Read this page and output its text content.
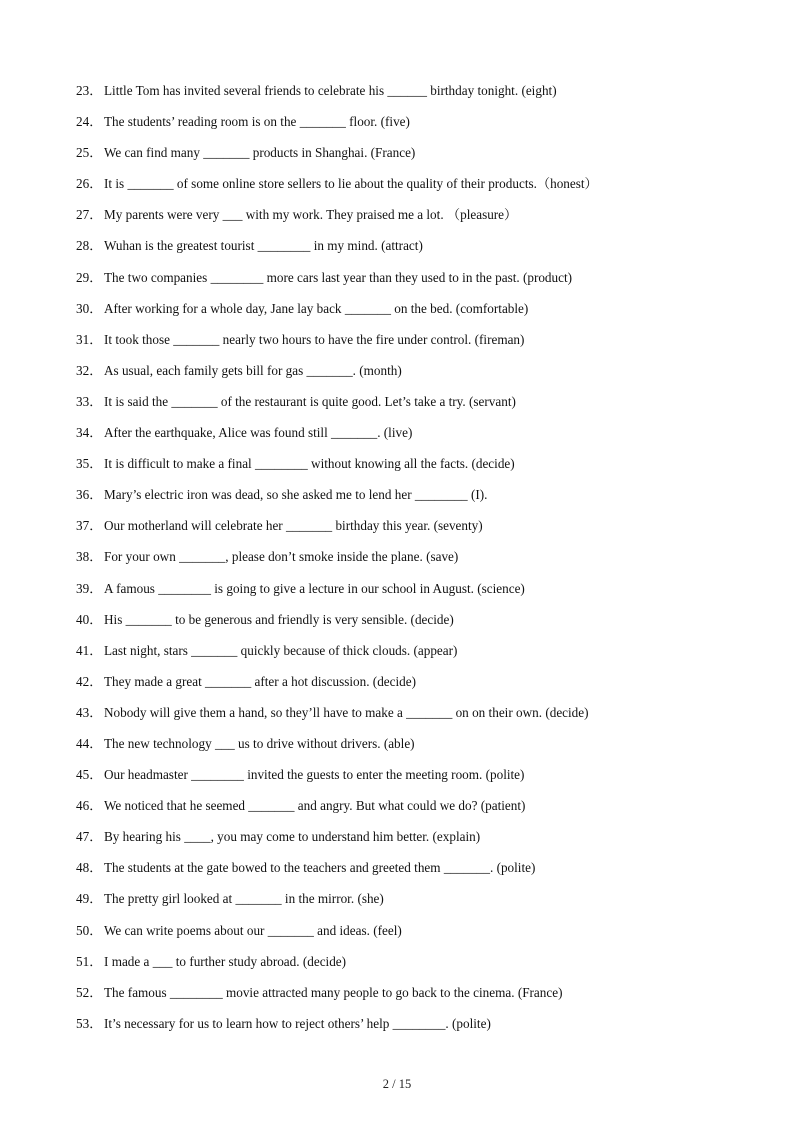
23． Little Tom has invited several friends to celebrate his ______ birthday tonight. (eight)
24． The students’ reading room is on the _______ floor. (five)
25． We can find many _______ products in Shanghai. (France)
26． It is _______ of some online store sellers to lie about the quality of their products.（honest）
27． My parents were very ___ with my work. They praised me a lot. （pleasure）
28． Wuhan is the greatest tourist ________ in my mind. (attract)
29． The two companies ________ more cars last year than they used to in the past. (product)
30． After working for a whole day, Jane lay back _______ on the bed. (comfortable)
31． It took those _______ nearly two hours to have the fire under control. (fireman)
32． As usual, each family gets bill for gas _______. (month)
33． It is said the _______ of the restaurant is quite good. Let’s take a try. (servant)
34． After the earthquake, Alice was found still _______. (live)
35． It is difficult to make a final ________ without knowing all the facts. (decide)
36． Mary’s electric iron was dead, so she asked me to lend her ________ (I).
37． Our motherland will celebrate her _______ birthday this year. (seventy)
38． For your own _______, please don’t smoke inside the plane. (save)
39． A famous ________ is going to give a lecture in our school in August. (science)
40． His _______ to be generous and friendly is very sensible. (decide)
41． Last night, stars _______ quickly because of thick clouds. (appear)
42． They made a great _______ after a hot discussion. (decide)
43． Nobody will give them a hand, so they’ll have to make a _______ on on their own. (decide)
44． The new technology ___ us to drive without drivers. (able)
45． Our headmaster ________ invited the guests to enter the meeting room. (polite)
46． We noticed that he seemed _______ and angry. But what could we do? (patient)
47． By hearing his ____, you may come to understand him better. (explain)
48． The students at the gate bowed to the teachers and greeted them _______. (polite)
49． The pretty girl looked at _______ in the mirror. (she)
50． We can write poems about our _______ and ideas. (feel)
51． I made a ___ to further study abroad. (decide)
52． The famous ________ movie attracted many people to go back to the cinema. (France)
53． It’s necessary for us to learn how to reject others’ help ________. (polite)
2 / 15
